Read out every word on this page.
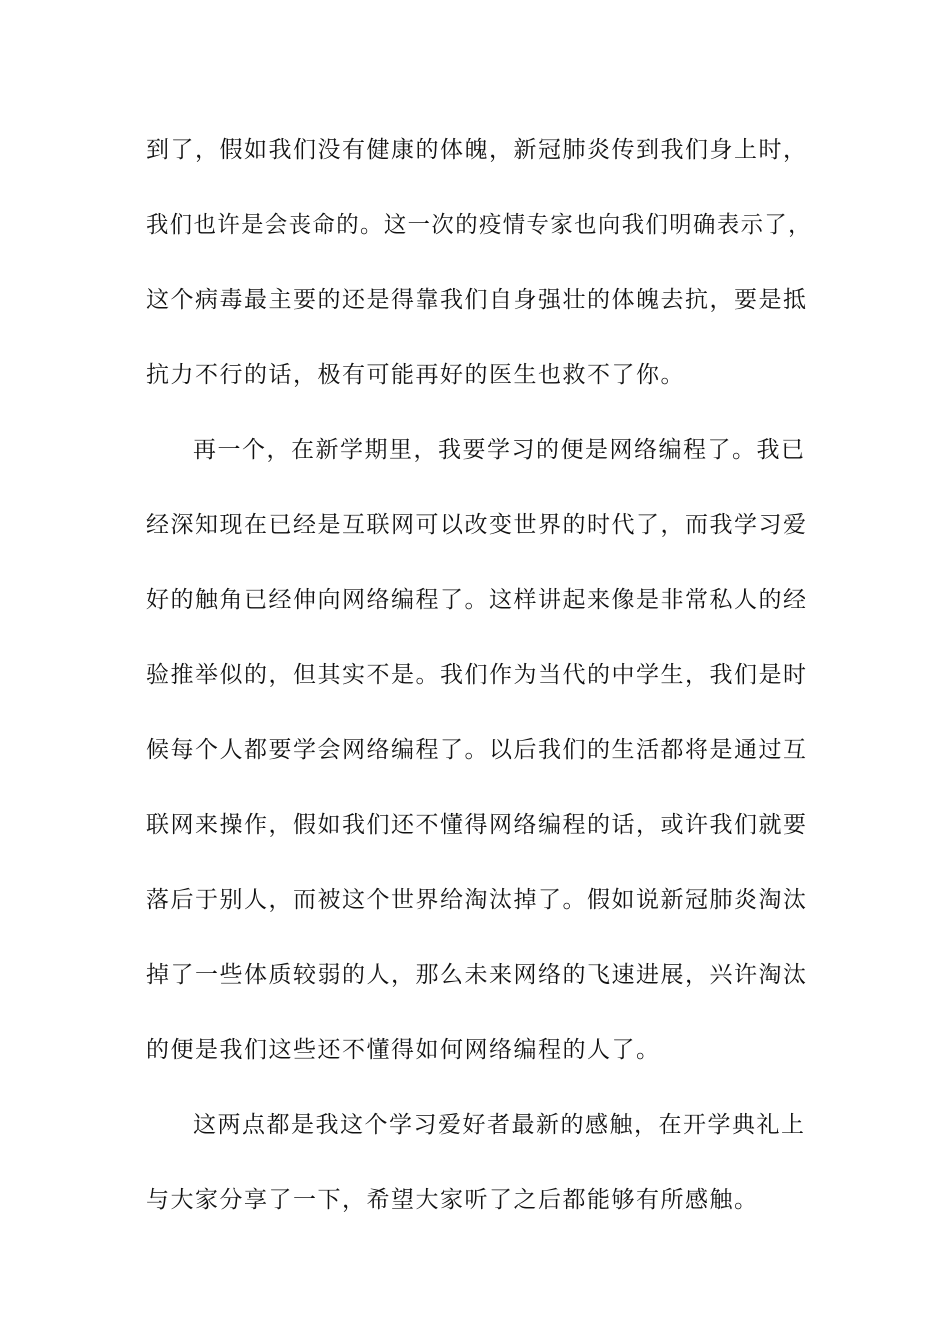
到了，假如我们没有健康的体魄，新冠肺炎传到我们身上时，
我们也许是会丧命的。这一次的疫情专家也向我们明确表示了，
这个病毒最主要的还是得靠我们自身强壮的体魄去抗，要是抵
抗力不行的话，极有可能再好的医生也救不了你。
再一个，在新学期里，我要学习的便是网络编程了。我已
经深知现在已经是互联网可以改变世界的时代了，而我学习爱
好的触角已经伸向网络编程了。这样讲起来像是非常私人的经
验推举似的，但其实不是。我们作为当代的中学生，我们是时
候每个人都要学会网络编程了。以后我们的生活都将是通过互
联网来操作，假如我们还不懂得网络编程的话，或许我们就要
落后于别人，而被这个世界给淘汰掉了。假如说新冠肺炎淘汰
掉了一些体质较弱的人，那么未来网络的飞速进展，兴许淘汰
的便是我们这些还不懂得如何网络编程的人了。
这两点都是我这个学习爱好者最新的感触，在开学典礼上
与大家分享了一下，希望大家听了之后都能够有所感触。
